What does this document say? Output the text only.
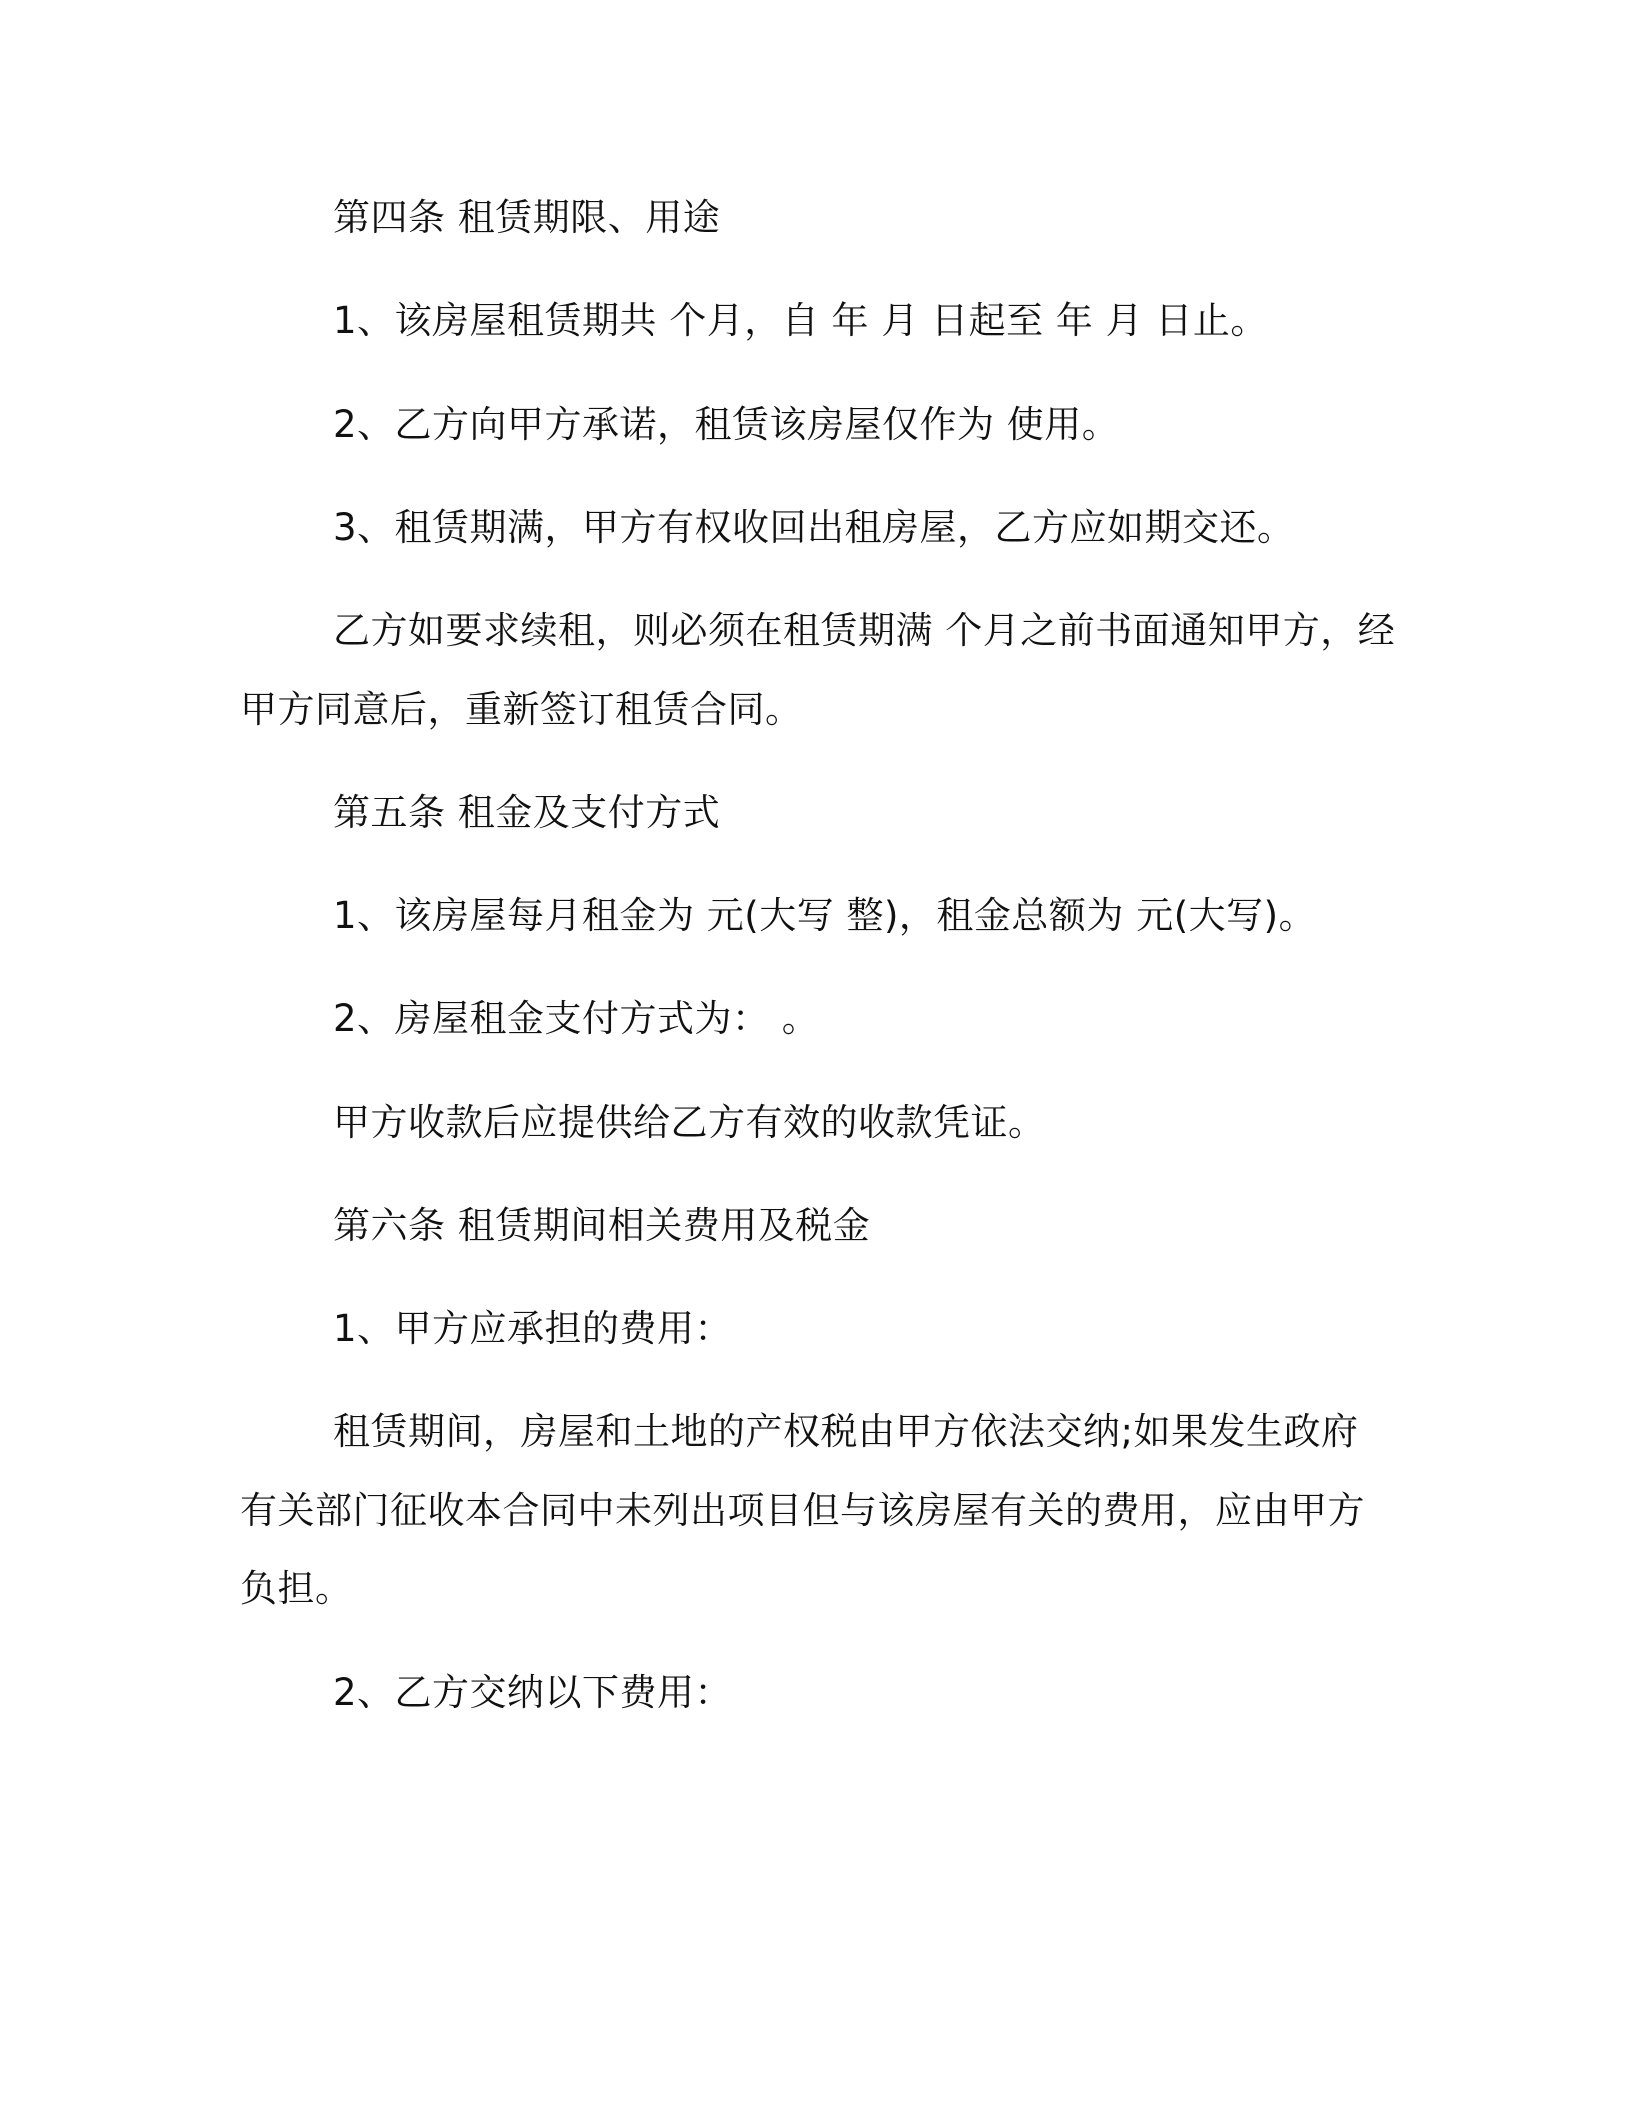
第四条 租赁期限、用途
1、该房屋租赁期共 个月，自 年 月 日起至 年 月 日止。
2、乙方向甲方承诺，租赁该房屋仅作为 使用。
3、租赁期满，甲方有权收回出租房屋，乙方应如期交还。
乙方如要求续租，则必须在租赁期满 个月之前书面通知甲方，经
甲方同意后，重新签订租赁合同。
第五条 租金及支付方式
1、该房屋每月租金为 元(大写 整)，租金总额为 元(大写)。
2、房屋租金支付方式为： 。
甲方收款后应提供给乙方有效的收款凭证。
第六条 租赁期间相关费用及税金
1、甲方应承担的费用：
租赁期间，房屋和土地的产权税由甲方依法交纳;如果发生政府
有关部门征收本合同中未列出项目但与该房屋有关的费用，应由甲方
负担。
2、乙方交纳以下费用：
